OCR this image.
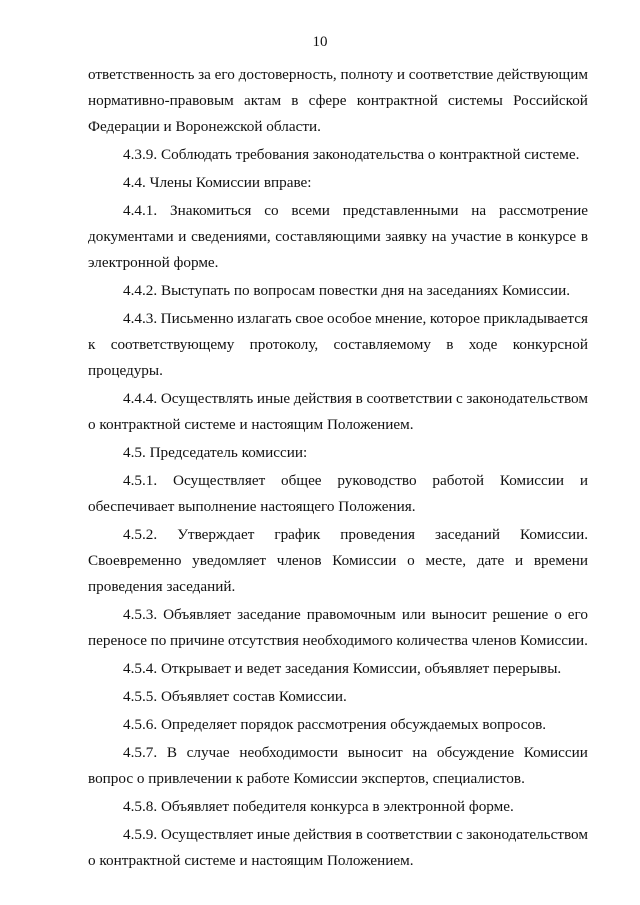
10
ответственность за его достоверность, полноту и соответствие действующим
нормативно-правовым актам в сфере контрактной системы Российской
Федерации и Воронежской области.
4.3.9. Соблюдать требования законодательства о контрактной системе.
4.4. Члены Комиссии вправе:
4.4.1. Знакомиться со всеми представленными на рассмотрение
документами и сведениями, составляющими заявку на участие в конкурсе в
электронной форме.
4.4.2. Выступать по вопросам повестки дня на заседаниях Комиссии.
4.4.3. Письменно излагать свое особое мнение, которое прикладывается
к соответствующему протоколу, составляемому в ходе конкурсной
процедуры.
4.4.4. Осуществлять иные действия в соответствии с законодательством
о контрактной системе и настоящим Положением.
4.5. Председатель комиссии:
4.5.1. Осуществляет общее руководство работой Комиссии и
обеспечивает выполнение настоящего Положения.
4.5.2. Утверждает график проведения заседаний Комиссии.
Своевременно уведомляет членов Комиссии о месте, дате и времени
проведения заседаний.
4.5.3. Объявляет заседание правомочным или выносит решение о его
переносе по причине отсутствия необходимого количества членов Комиссии.
4.5.4. Открывает и ведет заседания Комиссии, объявляет перерывы.
4.5.5. Объявляет состав Комиссии.
4.5.6. Определяет порядок рассмотрения обсуждаемых вопросов.
4.5.7. В случае необходимости выносит на обсуждение Комиссии
вопрос о привлечении к работе Комиссии экспертов, специалистов.
4.5.8. Объявляет победителя конкурса в электронной форме.
4.5.9. Осуществляет иные действия в соответствии с законодательством
о контрактной системе и настоящим Положением.
